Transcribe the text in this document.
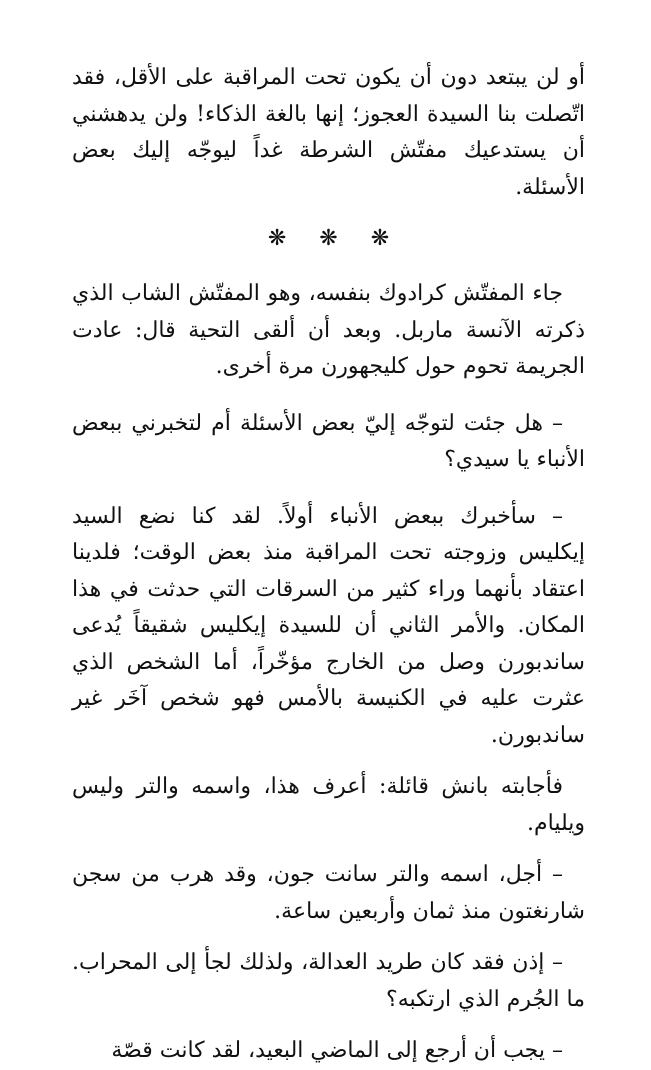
أو لن يبتعد دون أن يكون تحت المراقبة على الأقل، فقد اتّصلت بنا السيدة العجوز؛ إنها بالغة الذكاء! ولن يدهشني أن يستدعيك مفتّش الشرطة غداً ليوجّه إليك بعض الأسئلة.

❋ ❋ ❋

جاء المفتّش كرادوك بنفسه، وهو المفتّش الشاب الذي ذكرته الآنسة ماربل. وبعد أن ألقى التحية قال: عادت الجريمة تحوم حول كليجهورن مرة أخرى.

– هل جئت لتوجّه إليّ بعض الأسئلة أم لتخبرني ببعض الأنباء يا سيدي؟

– سأخبرك ببعض الأنباء أولاً. لقد كنا نضع السيد إيكليس وزوجته تحت المراقبة منذ بعض الوقت؛ فلدينا اعتقاد بأنهما وراء كثير من السرقات التي حدثت في هذا المكان. والأمر الثاني أن للسيدة إيكليس شقيقاً يُدعى ساندبورن وصل من الخارج مؤخّراً، أما الشخص الذي عثرت عليه في الكنيسة بالأمس فهو شخص آخَر غير ساندبورن.

فأجابته بانش قائلة: أعرف هذا، واسمه والتر وليس ويليام.

– أجل، اسمه والتر سانت جون، وقد هرب من سجن شارنغتون منذ ثمان وأربعين ساعة.

– إذن فقد كان طريد العدالة، ولذلك لجأ إلى المحراب. ما الجُرم الذي ارتكبه؟

– يجب أن أرجع إلى الماضي البعيد، لقد كانت قصّة
